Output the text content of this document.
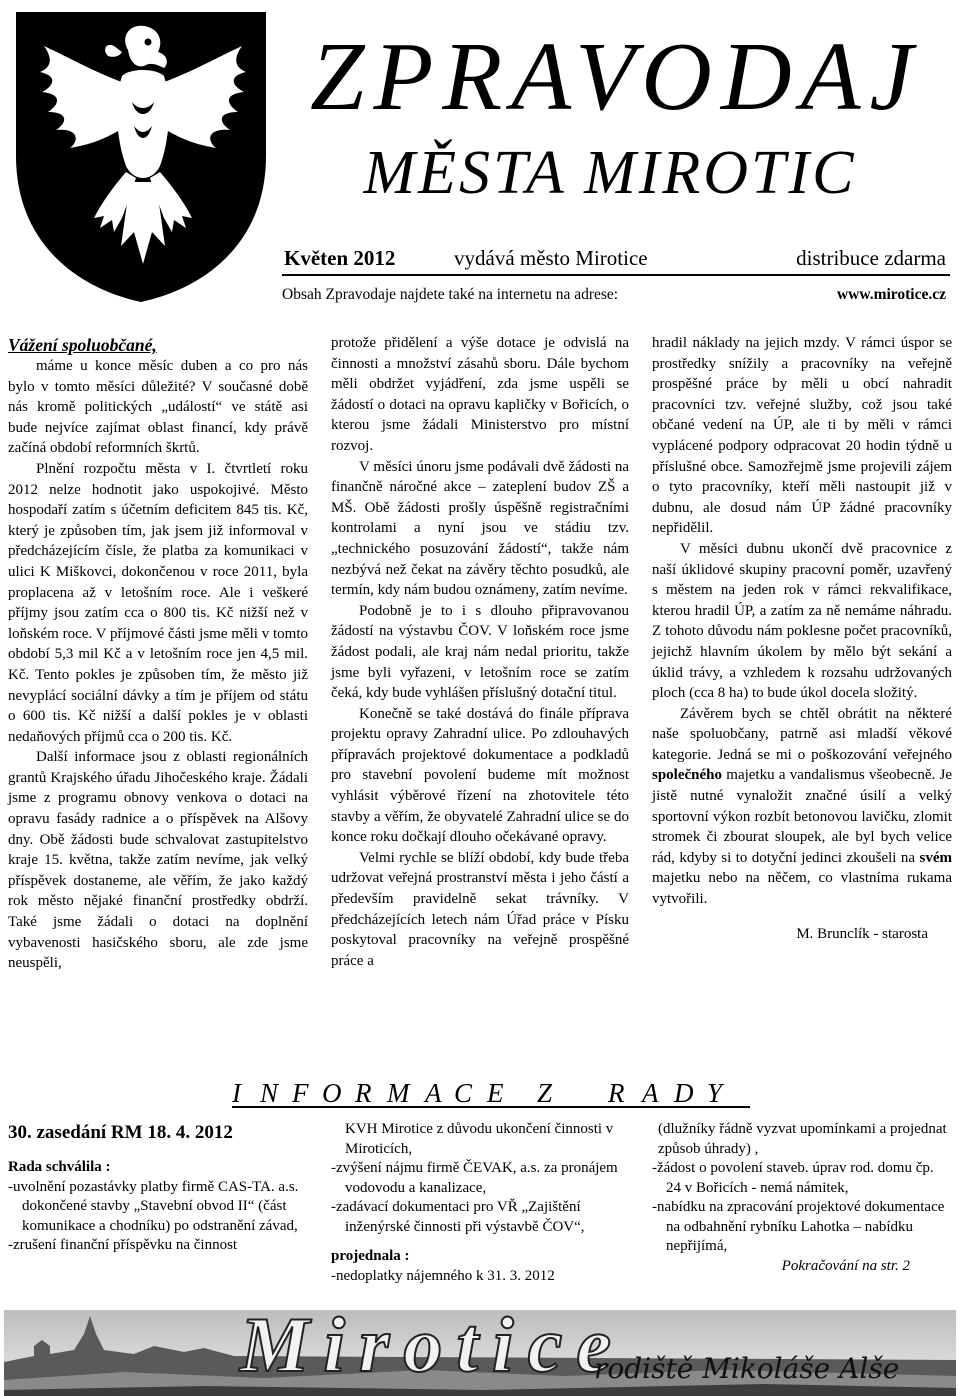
ZPRAVODAJ
MĚSTA MIROTIC
Květen 2012	vydává město Mirotice	distribuce zdarma
Obsah Zpravodaje najdete také na internetu na adrese:	www.mirotice.cz

Vážení spoluobčané,

máme u konce měsíc duben a co pro nás bylo v tomto měsíci důležité? V současné době nás kromě politických „událostí“ ve státě asi bude nejvíce zajímat oblast financí, kdy právě začíná období reformních škrtů.

Plnění rozpočtu města v I. čtvrtletí roku 2012 nelze hodnotit jako uspokojivé. Město hospodaří zatím s účetním deficitem 845 tis. Kč, který je způsoben tím, jak jsem již informoval v předcházejícím čísle, že platba za komunikaci v ulici K Miškovci, dokončenou v roce 2011, byla proplacena až v letošním roce. Ale i veškeré příjmy jsou zatím cca o 800 tis. Kč nižší než v loňském roce. V příjmové části jsme měli v tomto období 5,3 mil Kč a v letošním roce jen 4,5 mil. Kč. Tento pokles je způsoben tím, že město již nevyplácí sociální dávky a tím je příjem od státu o 600 tis. Kč nižší a další pokles je v oblasti nedaňových příjmů cca o 200 tis. Kč.

Další informace jsou z oblasti regionálních grantů Krajského úřadu Jihočeského kraje. Žádali jsme z programu obnovy venkova o dotaci na opravu fasády radnice a o příspěvek na Alšovy dny. Obě žádosti bude schvalovat zastupitelstvo kraje 15. května, takže zatím nevíme, jak velký příspěvek dostaneme, ale věřím, že jako každý rok město nějaké finanční prostředky obdrží. Také jsme žádali o dotaci na doplnění vybavenosti hasičského sboru, ale zde jsme neuspěli,

protože přidělení a výše dotace je odvislá na činnosti a množství zásahů sboru. Dále bychom měli obdržet vyjádření, zda jsme uspěli se žádostí o dotaci na opravu kapličky v Bořicích, o kterou jsme žádali Ministerstvo pro místní rozvoj.

V měsíci únoru jsme podávali dvě žádosti na finančně náročné akce – zateplení budov ZŠ a MŠ. Obě žádosti prošly úspěšně registračními kontrolami a nyní jsou ve stádiu tzv. „technického posuzování žádostí“, takže nám nezbývá než čekat na závěry těchto posudků, ale termín, kdy nám budou oznámeny, zatím nevíme.

Podobně je to i s dlouho připravovanou žádostí na výstavbu ČOV. V loňském roce jsme žádost podali, ale kraj nám nedal prioritu, takže jsme byli vyřazeni, v letošním roce se zatím čeká, kdy bude vyhlášen příslušný dotační titul.

Konečně se také dostává do finále příprava projektu opravy Zahradní ulice. Po zdlouhavých přípravách projektové dokumentace a podkladů pro stavební povolení budeme mít možnost vyhlásit výběrové řízení na zhotovitele této stavby a věřím, že obyvatelé Zahradní ulice se do konce roku dočkají dlouho očekávané opravy.

Velmi rychle se blíží období, kdy bude třeba udržovat veřejná prostranství města i jeho částí a především pravidelně sekat trávníky. V předcházejících letech nám Úřad práce v Písku poskytoval pracovníky na veřejně prospěšné práce a

hradil náklady na jejich mzdy. V rámci úspor se prostředky snížily a pracovníky na veřejně prospěšné práce by měli u obcí nahradit pracovníci tzv. veřejné služby, což jsou také občané vedení na ÚP, ale ti by měli v rámci vyplácené podpory odpracovat 20 hodin týdně u příslušné obce. Samozřejmě jsme projevili zájem o tyto pracovníky, kteří měli nastoupit již v dubnu, ale dosud nám ÚP žádné pracovníky nepřidělil.

V měsíci dubnu ukončí dvě pracovnice z naší úklidové skupiny pracovní poměr, uzavřený s městem na jeden rok v rámci rekvalifikace, kterou hradil ÚP, a zatím za ně nemáme náhradu. Z tohoto důvodu nám poklesne počet pracovníků, jejichž hlavním úkolem by mělo být sekání a úklid trávy, a vzhledem k rozsahu udržovaných ploch (cca 8 ha) to bude úkol docela složitý.

Závěrem bych se chtěl obrátit na některé naše spoluobčany, patrně asi mladší věkové kategorie. Jedná se mi o poškozování veřejného společného majetku a vandalismus všeobecně. Je jistě nutné vynaložit značné úsilí a velký sportovní výkon rozbít betonovou lavičku, zlomit stromek či zbourat sloupek, ale byl bych velice rád, kdyby si to dotyční jedinci zkoušeli na svém majetku nebo na něčem, co vlastníma rukama vytvořili.

M. Brunclík - starosta

I N F O R M A C E Z R A D Y
30. zasedání RM 18. 4. 2012
Rada schválila :
-uvolnění pozastávky platby firmě CAS-TA. a.s. dokončené stavby „Stavební obvod II“ (část komunikace a chodníku) po odstranění závad,
-zrušení finanční příspěvku na činnost
KVH Mirotice z důvodu ukončení činnosti v Miroticích,
-zvýšení nájmu firmě ČEVAK, a.s. za pronájem vodovodu a kanalizace,
-zadávací dokumentaci pro VŘ „Zajištění inženýrské činnosti při výstavbě ČOV“,
projednala :
-nedoplatky nájemného k 31. 3. 2012
(dlužníky řádně vyzvat upomínkami a projednat způsob úhrady) ,
-žádost o povolení staveb. úprav rod. domu čp. 24 v Bořicích - nemá námitek,
-nabídku na zpracování projektové dokumentace na odbahnění rybníku Lahotka – nabídku nepřijímá,
Pokračování na str. 2
Mirotice
rodiště Mikoláše Alše
